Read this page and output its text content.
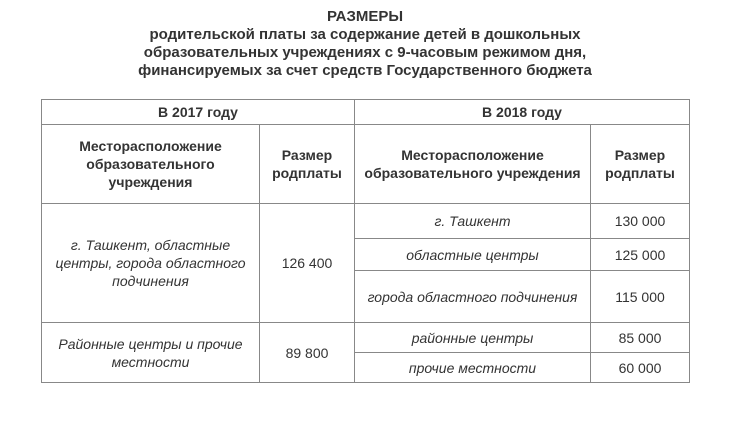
РАЗМЕРЫ
родительской платы за содержание детей в дошкольных
образовательных учреждениях с 9-часовым режимом дня,
финансируемых за счет средств Государственного бюджета
В 2017 году		В 2018 году	
Месторасположение образовательного учреждения	Размер родплаты	Месторасположение образовательного учреждения	Размер родплаты
г. Ташкент, областные центры, города областного подчинения	126 400	г. Ташкент	130 000
		областные центры	125 000
		города областного подчинения	115 000
Районные центры и прочие местности	89 800	районные центры	85 000
		прочие местности	60 000
